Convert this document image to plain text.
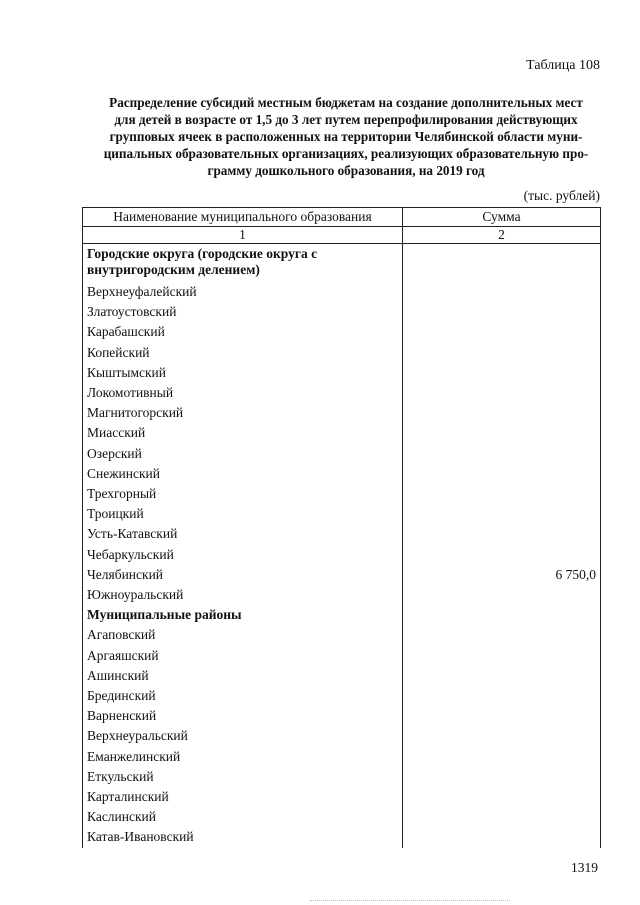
Таблица 108
Распределение субсидий местным бюджетам на создание дополнительных мест
для детей в возрасте от 1,5 до 3 лет путем перепрофилирования действующих
групповых ячеек в расположенных на территории Челябинской области муни-
ципальных образовательных организациях, реализующих образовательную про-
грамму дошкольного образования, на 2019 год
(тыс. рублей)
Наименование муниципального образования	Сумма
1	2
Городские округа (городские округа с внутригородским делением)	
Верхнеуфалейский	
Златоустовский	
Карабашский	
Копейский	
Кыштымский	
Локомотивный	
Магнитогорский	
Миасский	
Озерский	
Снежинский	
Трехгорный	
Троицкий	
Усть-Катавский	
Чебаркульский	
Челябинский	6 750,0
Южноуральский	
Муниципальные районы	
Агаповский	
Аргаяшский	
Ашинский	
Брединский	
Варненский	
Верхнеуральский	
Еманжелинский	
Еткульский	
Карталинский	
Каслинский	
Катав-Ивановский	
1319
